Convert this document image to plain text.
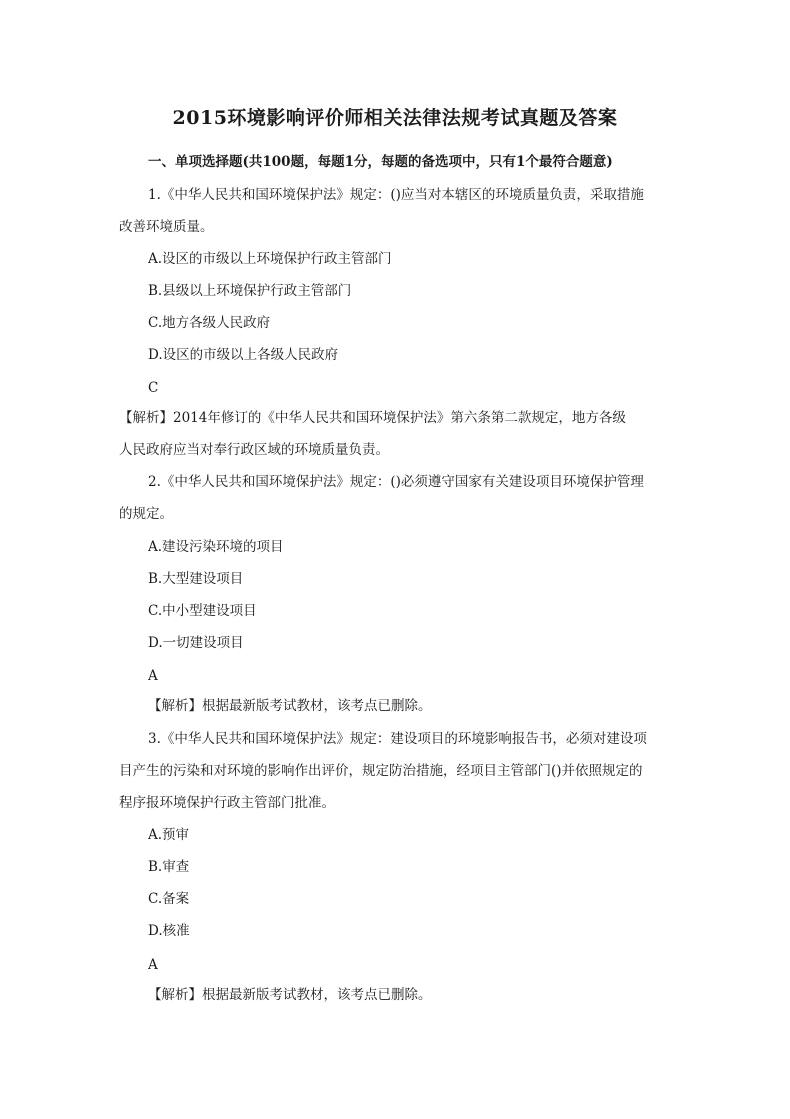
2015环境影响评价师相关法律法规考试真题及答案
一、单项选择题(共100题，每题1分，每题的备选项中，只有1个最符合题意)
1.《中华人民共和国环境保护法》规定：()应当对本辖区的环境质量负责，采取措施
改善环境质量。
A.设区的市级以上环境保护行政主管部门
B.县级以上环境保护行政主管部门
C.地方各级人民政府
D.设区的市级以上各级人民政府
C
【解析】2014年修订的《中华人民共和国环境保护法》第六条第二款规定，地方各级
人民政府应当对奉行政区域的环境质量负责。
2.《中华人民共和国环境保护法》规定：()必须遵守国家有关建设项目环境保护管理
的规定。
A.建设污染环境的项目
B.大型建设项目
C.中小型建设项目
D.一切建设项目
A
【解析】根据最新版考试教材，该考点已删除。
3.《中华人民共和国环境保护法》规定：建设项目的环境影响报告书，必须对建设项
目产生的污染和对环境的影响作出评价，规定防治措施，经项目主管部门()并依照规定的
程序报环境保护行政主管部门批准。
A.预审
B.审查
C.备案
D.核准
A
【解析】根据最新版考试教材，该考点已删除。
